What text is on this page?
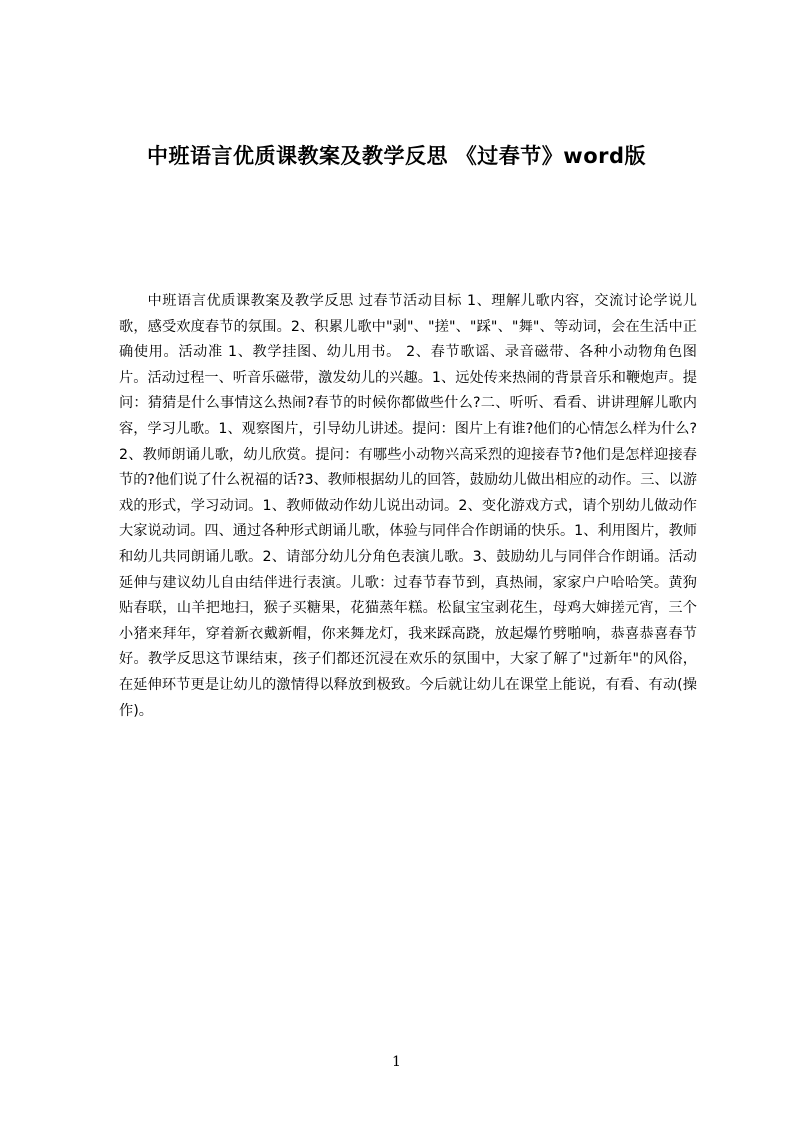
中班语言优质课教案及教学反思 《过春节》word版
中班语言优质课教案及教学反思 过春节活动目标 1、理解儿歌内容，交流讨论学说儿歌，感受欢度春节的氛围。2、积累儿歌中"剥"、"搓"、"踩"、"舞"、等动词，会在生活中正确使用。活动准 1、教学挂图、幼儿用书。 2、春节歌谣、录音磁带、各种小动物角色图片。活动过程一、听音乐磁带，激发幼儿的兴趣。1、远处传来热闹的背景音乐和鞭炮声。提问：猜猜是什么事情这么热闹?春节的时候你都做些什么?二、听听、看看、讲讲理解儿歌内容，学习儿歌。1、观察图片，引导幼儿讲述。提问：图片上有谁?他们的心情怎么样为什么?2、教师朗诵儿歌，幼儿欣赏。提问：有哪些小动物兴高采烈的迎接春节?他们是怎样迎接春节的?他们说了什么祝福的话?3、教师根据幼儿的回答，鼓励幼儿做出相应的动作。三、以游戏的形式，学习动词。1、教师做动作幼儿说出动词。2、变化游戏方式，请个别幼儿做动作大家说动词。四、通过各种形式朗诵儿歌，体验与同伴合作朗诵的快乐。1、利用图片，教师和幼儿共同朗诵儿歌。2、请部分幼儿分角色表演儿歌。3、鼓励幼儿与同伴合作朗诵。活动延伸与建议幼儿自由结伴进行表演。儿歌：过春节春节到，真热闹，家家户户哈哈笑。黄狗贴春联，山羊把地扫，猴子买糖果，花猫蒸年糕。松鼠宝宝剥花生，母鸡大婶搓元宵，三个小猪来拜年，穿着新衣戴新帽，你来舞龙灯，我来踩高跷，放起爆竹劈啪响，恭喜恭喜春节好。教学反思这节课结束，孩子们都还沉浸在欢乐的氛围中，大家了解了"过新年"的风俗，在延伸环节更是让幼儿的激情得以释放到极致。今后就让幼儿在课堂上能说，有看、有动(操作)。
1
